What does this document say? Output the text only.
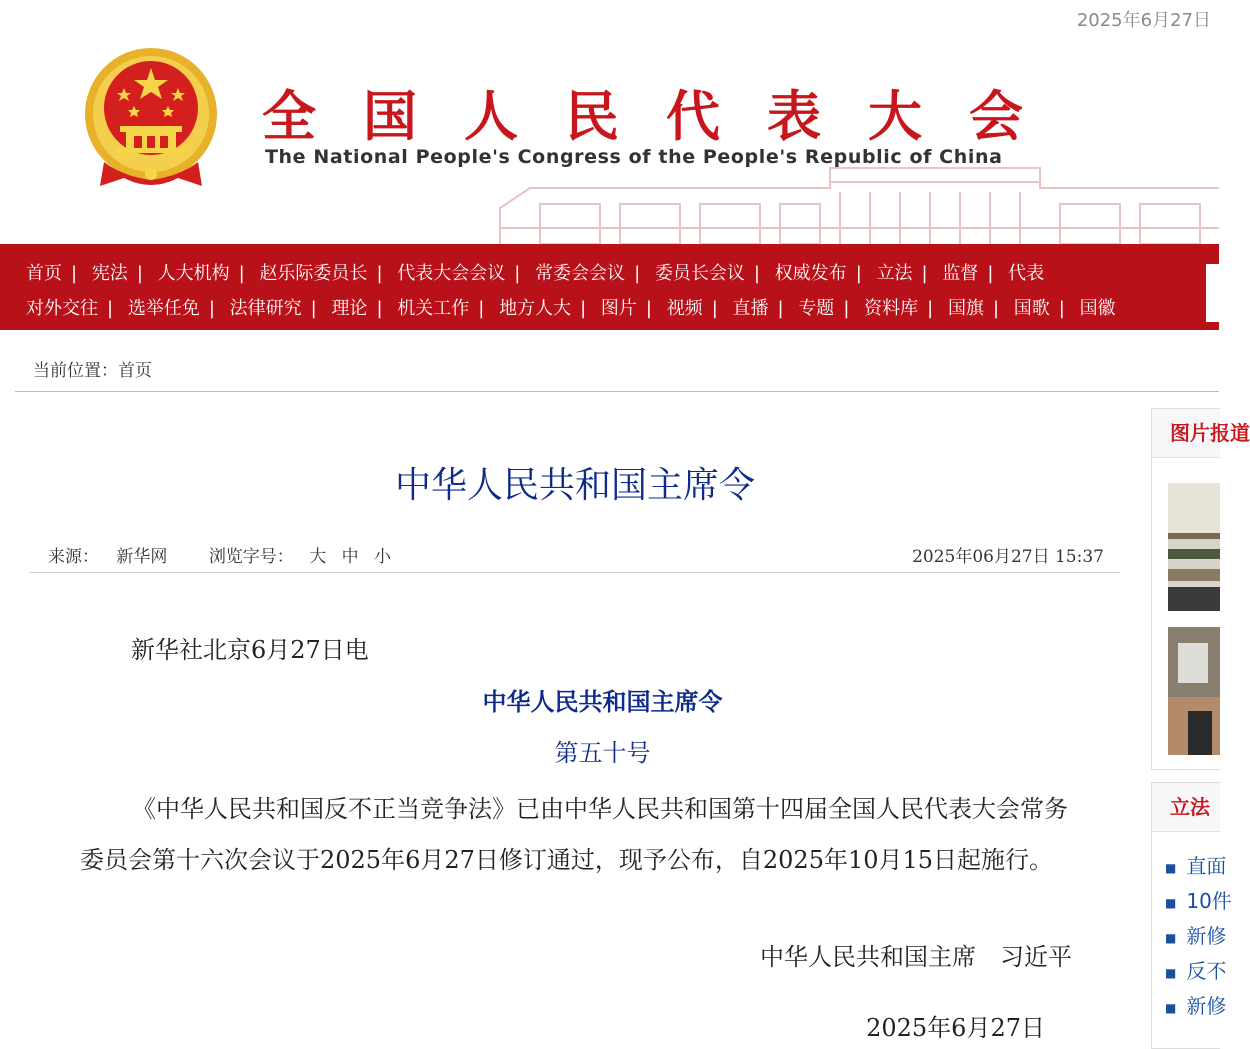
2025年6月27日
全国人民代表大会
The National People's Congress of the People's Republic of China
首页 | 宪法 | 人大机构 | 赵乐际委员长 | 代表大会会议 | 常委会会议 | 委员长会议 | 权威发布 | 立法 | 监督 | 代表
对外交往 | 选举任免 | 法律研究 | 理论 | 机关工作 | 地方人大 | 图片 | 视频 | 直播 | 专题 | 资料库 | 国旗 | 国歌 | 国徽
当前位置：首页
中华人民共和国主席令
来源： 新华网 浏览字号： 大 中 小	2025年06月27日 15:37
新华社北京6月27日电
中华人民共和国主席令
第五十号
《中华人民共和国反不正当竞争法》已由中华人民共和国第十四届全国人民代表大会常务委员会第十六次会议于2025年6月27日修订通过，现予公布，自2025年10月15日起施行。
中华人民共和国主席　习近平
2025年6月27日
图片报道
立法
■ 直面
■ 10件
■ 新修
■ 反不
■ 新修
